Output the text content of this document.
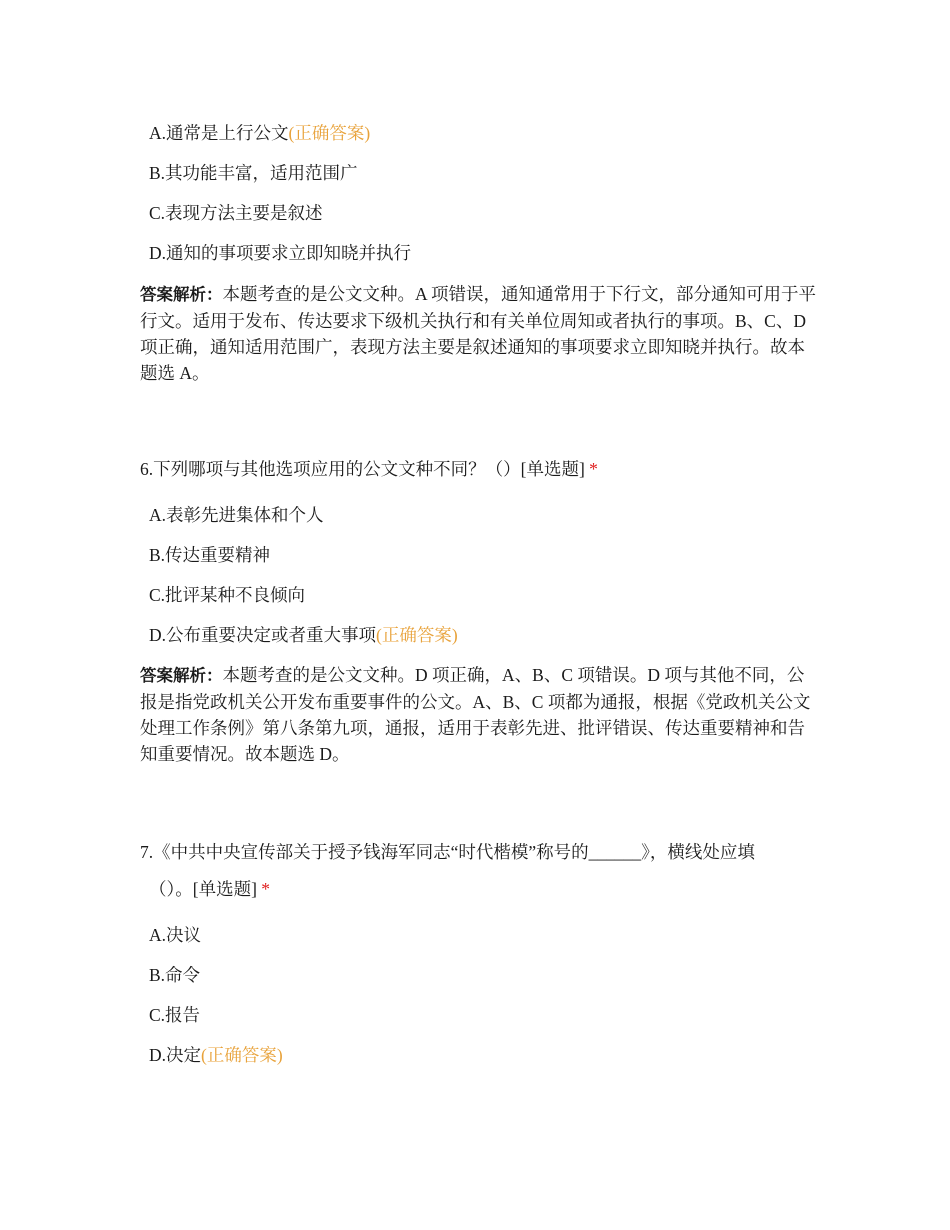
A.通常是上行公文(正确答案)
B.其功能丰富，适用范围广
C.表现方法主要是叙述
D.通知的事项要求立即知晓并执行
答案解析：本题考查的是公文文种。A 项错误，通知通常用于下行文，部分通知可用于平行文。适用于发布、传达要求下级机关执行和有关单位周知或者执行的事项。B、C、D 项正确，通知适用范围广，表现方法主要是叙述通知的事项要求立即知晓并执行。故本题选 A。
6.下列哪项与其他选项应用的公文文种不同？（）[单选题] *
A.表彰先进集体和个人
B.传达重要精神
C.批评某种不良倾向
D.公布重要决定或者重大事项(正确答案)
答案解析：本题考查的是公文文种。D 项正确，A、B、C 项错误。D 项与其他不同，公报是指党政机关公开发布重要事件的公文。A、B、C 项都为通报，根据《党政机关公文处理工作条例》第八条第九项，通报，适用于表彰先进、批评错误、传达重要精神和告知重要情况。故本题选 D。
7.《中共中央宣传部关于授予钱海军同志“时代楷模”称号的______》，横线处应填
（）。[单选题] *
A.决议
B.命令
C.报告
D.决定(正确答案)
